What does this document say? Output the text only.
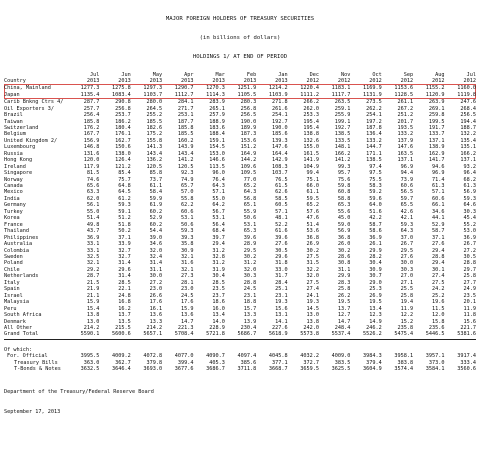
MAJOR FOREIGN HOLDERS OF TREASURY SECURITIES

(in billions of dollars)

HOLDINGS 1/ AT END OF PERIOD

	Jul	Jun	May	Apr	Mar	Feb	Jan	Dec	Nov	Oct	Sep	Aug	Jul
Country	2013	2013	2013	2013	2013	2013	2013	2012	2012	2012	2012	2012	2012
China, Mainland	1277.3	1275.8	1297.3	1290.7	1270.3	1251.9	1214.2	1220.4	1183.1	1169.9	1153.6	1155.2	1160.0
Japan	1135.4	1083.4	1103.7	1112.7	1114.3	1105.5	1103.9	1111.2	1117.7	1131.9	1128.5	1120.9	1119.8
Carib Bnkng Ctrs 4/	287.7	290.8	280.0	284.1	283.9	280.3	271.8	266.2	263.5	273.5	261.1	263.9	247.6
Oil Exporters 3/	257.7	256.8	264.5	271.7	265.1	256.8	261.6	262.0	259.1	262.2	267.2	269.1	268.4
Brazil	256.4	253.7	255.2	253.1	257.9	256.5	254.1	253.3	255.9	254.1	251.2	259.8	256.5
Taiwan	185.8	186.2	185.5	187.7	188.9	190.0	192.7	195.4	199.1	197.2	201.7	199.5	194.4
Switzerland	176.2	180.4	182.6	185.8	183.6	189.9	190.0	195.4	192.7	187.8	193.5	191.7	188.7
Belgium	167.7	176.1	175.2	185.5	188.4	187.3	185.6	138.8	138.5	136.4	133.2	133.7	132.2
United Kingdom 2/	156.9	162.7	155.8	160.2	159.1	153.6	139.3	132.6	133.5	133.2	137.9	137.1	135.4
Luxembourg	146.8	150.6	141.3	143.9	154.5	151.2	147.6	155.0	148.1	144.7	147.6	138.9	135.1
Russia	131.6	138.0	143.4	143.4	153.0	164.9	164.4	161.5	166.2	171.1	163.5	162.9	166.2
Hong Kong	120.0	126.4	136.2	141.2	146.6	144.2	142.9	141.9	141.2	138.5	137.1	141.7	137.1
Ireland	117.9	121.2	120.5	120.5	113.5	109.6	108.3	104.9	99.3	97.4	96.9	94.6	93.2
Singapore	81.5	85.4	85.8	92.3	96.0	109.5	103.7	99.4	95.7	97.5	94.4	96.9	96.4
Norway	74.6	75.7	73.7	74.9	76.4	77.0	76.5	75.1	75.6	75.5	73.9	71.4	68.2
Canada	65.6	64.8	61.1	65.7	64.3	65.2	61.5	66.0	59.8	58.3	60.6	61.3	61.3
Mexico	63.3	64.5	58.4	57.0	57.1	64.3	62.6	61.1	60.8	59.2	56.5	57.1	56.9
India	62.0	61.2	59.9	55.8	55.0	56.8	58.5	59.5	58.8	59.6	59.7	60.6	59.3
Germany	56.1	59.3	61.9	62.2	64.2	65.1	60.5	65.2	65.3	64.0	65.5	66.1	64.6
Turkey	55.0	59.1	60.2	60.6	56.7	55.9	57.1	57.6	55.6	51.6	42.6	34.6	30.3
Korea	51.4	51.2	52.9	53.1	53.1	50.6	48.1	47.6	45.0	42.2	42.1	44.1	45.4
France	49.8	51.8	60.2	50.6	56.4	53.1	52.2	51.4	59.0	58.7	59.3	52.9	55.2
Thailand	43.7	50.2	54.4	59.3	68.4	65.3	61.6	53.6	56.9	58.6	64.3	58.7	53.0
Philippines	36.9	37.1	39.0	39.3	39.7	39.6	39.6	36.8	36.8	36.9	37.0	37.1	36.9
Australia	33.1	33.9	34.6	35.8	29.4	28.9	27.6	26.9	26.0	26.1	26.7	27.6	26.7
Colombia	33.1	32.7	32.0	30.9	31.2	29.5	30.5	30.2	30.2	29.9	29.5	29.4	27.2
Sweden	32.5	32.7	32.4	32.1	32.8	30.2	29.6	27.5	28.6	28.2	27.6	28.8	30.5
Poland	32.1	31.4	31.4	31.6	31.2	31.2	31.8	31.5	30.8	30.4	30.0	29.4	28.8
Chile	29.2	29.6	31.1	32.1	31.9	32.0	33.0	32.2	31.1	30.9	30.3	30.1	29.7
Netherlands	28.7	31.4	30.0	27.3	30.4	30.3	31.7	32.0	29.9	30.7	27.0	27.4	25.8
Italy	21.5	28.5	27.2	28.1	28.5	28.8	28.4	27.5	28.3	29.0	27.1	27.5	27.7
Spain	21.9	22.1	23.0	23.0	23.5	24.5	25.1	27.4	25.8	25.3	25.5	24.2	24.9
Israel	21.1	24.8	26.6	24.5	23.7	23.1	23.1	24.1	26.2	26.9	25.8	25.2	23.5
Malaysia	15.9	16.8	17.6	17.6	18.6	18.8	19.3	19.3	19.5	19.5	19.4	19.6	20.1
Peru	15.4	16.2	16.1	15.9	16.0	15.7	15.6	14.5	13.7	13.4	11.9	11.5	11.9
South Africa	13.8	13.7	13.6	13.6	13.4	13.3	13.1	13.0	12.7	12.3	12.2	12.0	11.8
Denmark	13.0	13.5	13.3	14.7	14.0	13.9	14.1	13.8	14.7	14.9	15.2	15.8	15.6
All Other	214.2	215.5	214.2	221.3	228.9	230.4	227.6	242.0	248.4	246.2	235.8	235.6	221.7
Grand Total	5590.1	5600.6	5657.1	5708.4	5721.8	5686.7	5618.9	5573.8	5537.4	5526.2	5475.4	5446.5	5381.6
Of which:
For. Official	3995.5	4009.2	4072.8	4077.0	4090.7	4097.4	4045.8	4032.2	4009.0	3984.3	3958.1	3957.1	3917.4
Treasury Bills	363.0	362.7	379.8	399.4	405.3	385.6	377.1	372.7	383.5	379.4	383.8	373.0	333.4
T-Bonds & Notes	3632.5	3646.4	3693.0	3677.6	3686.7	3711.8	3668.7	3659.5	3625.5	3604.9	3574.4	3584.1	3560.6

Department of the Treasury/Federal Reserve Board

September 17, 2013
